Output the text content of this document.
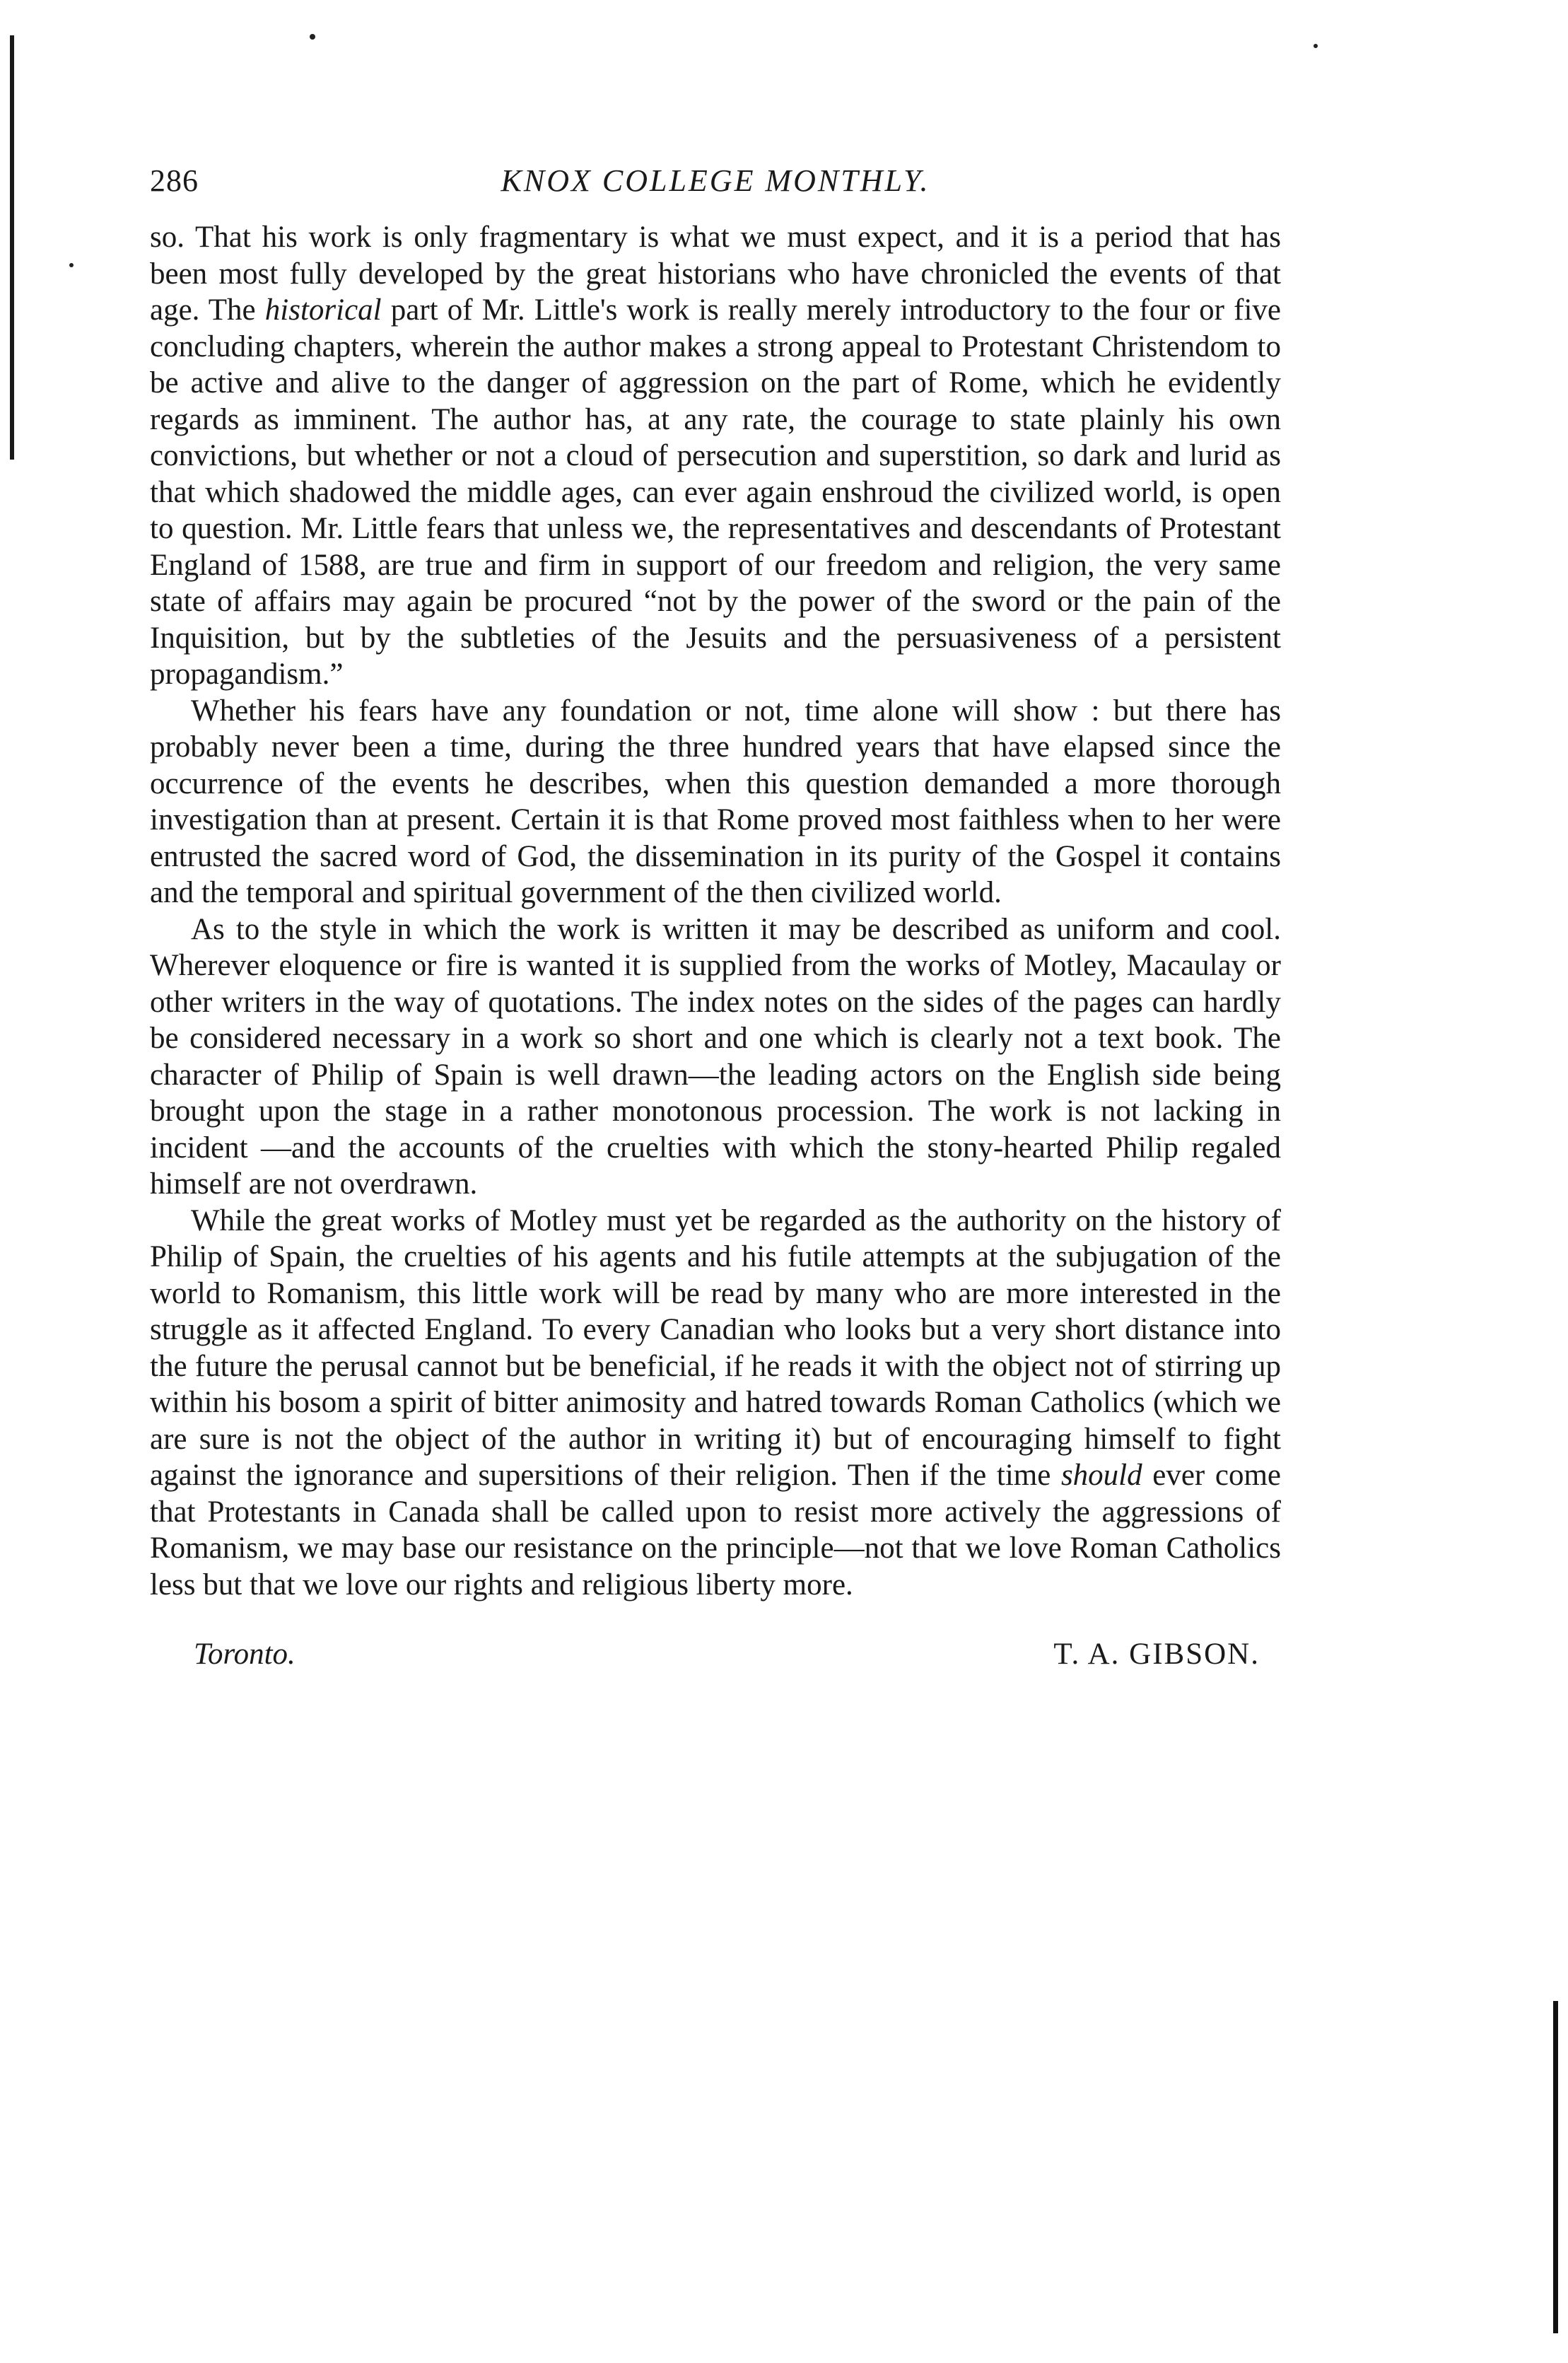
286	KNOX COLLEGE MONTHLY.

so. That his work is only fragmentary is what we must expect, and it is a period that has been most fully developed by the great historians who have chronicled the events of that age. The historical part of Mr. Little's work is really merely introductory to the four or five concluding chapters, wherein the author makes a strong appeal to Protestant Christendom to be active and alive to the danger of aggression on the part of Rome, which he evidently regards as imminent. The author has, at any rate, the courage to state plainly his own convictions, but whether or not a cloud of persecution and superstition, so dark and lurid as that which shadowed the middle ages, can ever again enshroud the civilized world, is open to question. Mr. Little fears that unless we, the representatives and descendants of Protestant England of 1588, are true and firm in support of our freedom and religion, the very same state of affairs may again be procured “not by the power of the sword or the pain of the Inquisition, but by the subtleties of the Jesuits and the persuasiveness of a persistent propagandism.”

Whether his fears have any foundation or not, time alone will show : but there has probably never been a time, during the three hundred years that have elapsed since the occurrence of the events he describes, when this question demanded a more thorough investigation than at present. Certain it is that Rome proved most faithless when to her were entrusted the sacred word of God, the dissemination in its purity of the Gospel it contains and the temporal and spiritual government of the then civilized world.

As to the style in which the work is written it may be described as uniform and cool. Wherever eloquence or fire is wanted it is supplied from the works of Motley, Macaulay or other writers in the way of quotations. The index notes on the sides of the pages can hardly be considered necessary in a work so short and one which is clearly not a text book. The character of Philip of Spain is well drawn—the leading actors on the English side being brought upon the stage in a rather monotonous procession. The work is not lacking in incident —and the accounts of the cruelties with which the stony-hearted Philip regaled himself are not overdrawn.

While the great works of Motley must yet be regarded as the authority on the history of Philip of Spain, the cruelties of his agents and his futile attempts at the subjugation of the world to Romanism, this little work will be read by many who are more interested in the struggle as it affected England. To every Canadian who looks but a very short distance into the future the perusal cannot but be beneficial, if he reads it with the object not of stirring up within his bosom a spirit of bitter animosity and hatred towards Roman Catholics (which we are sure is not the object of the author in writing it) but of encouraging himself to fight against the ignorance and supersitions of their religion. Then if the time should ever come that Protestants in Canada shall be called upon to resist more actively the aggressions of Romanism, we may base our resistance on the principle—not that we love Roman Catholics less but that we love our rights and religious liberty more.

Toronto.	T. A. GIBSON.
